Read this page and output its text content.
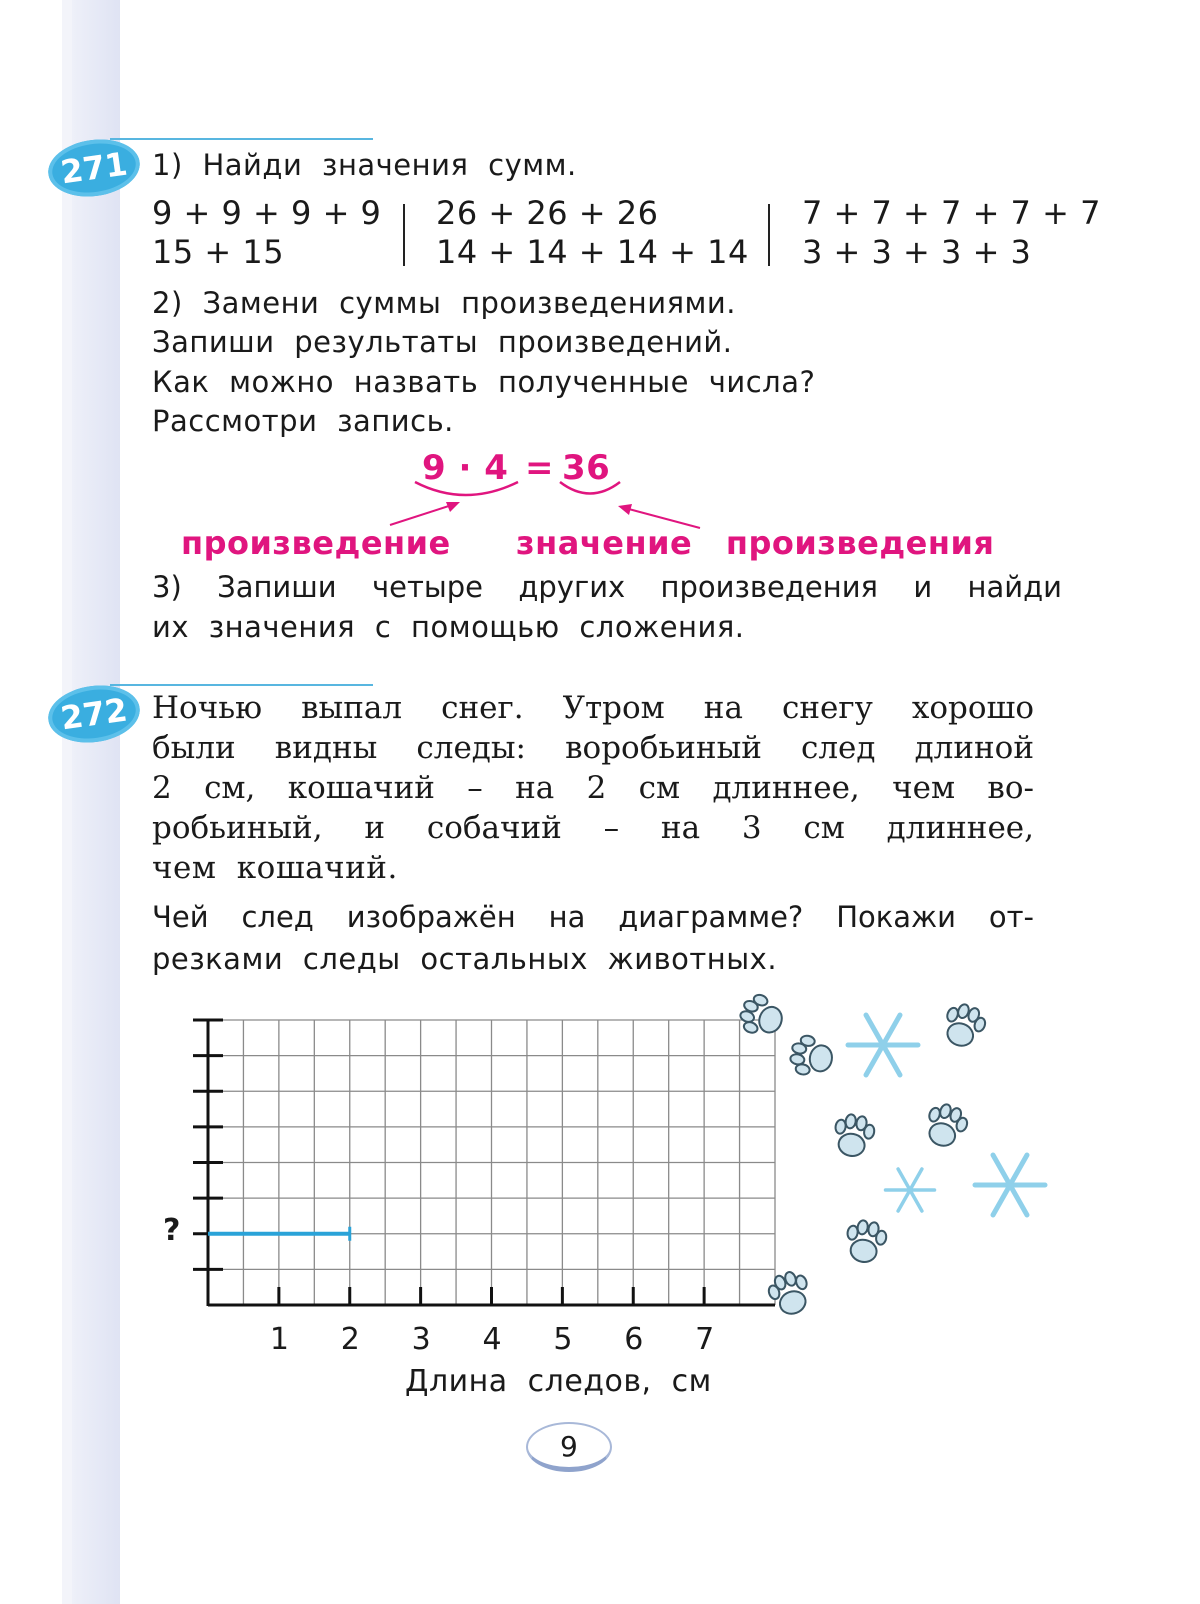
271 1) Найди значения сумм.
9 + 9 + 9 + 9
15 + 15
26 + 26 + 26
14 + 14 + 14 + 14
7 + 7 + 7 + 7 + 7
3 + 3 + 3 + 3
2) Замени суммы произведениями.
Запиши результаты произведений.
Как можно назвать полученные числа?
Рассмотри запись.
9 · 4 = 36
произведение значение произведения
3) Запиши четыре других произведения и найди
их значения с помощью сложения.
272 Ночью выпал снег. Утром на снегу хорошо
были видны следы: воробьиный след длиной
2 см, кошачий – на 2 см длиннее, чем во-
робьиный, и собачий – на 3 см длиннее,
чем кошачий.
Чей след изображён на диаграмме? Покажи от-
резками следы остальных животных.
?
1 2 3 4 5 6 7
Длина следов, см
9
